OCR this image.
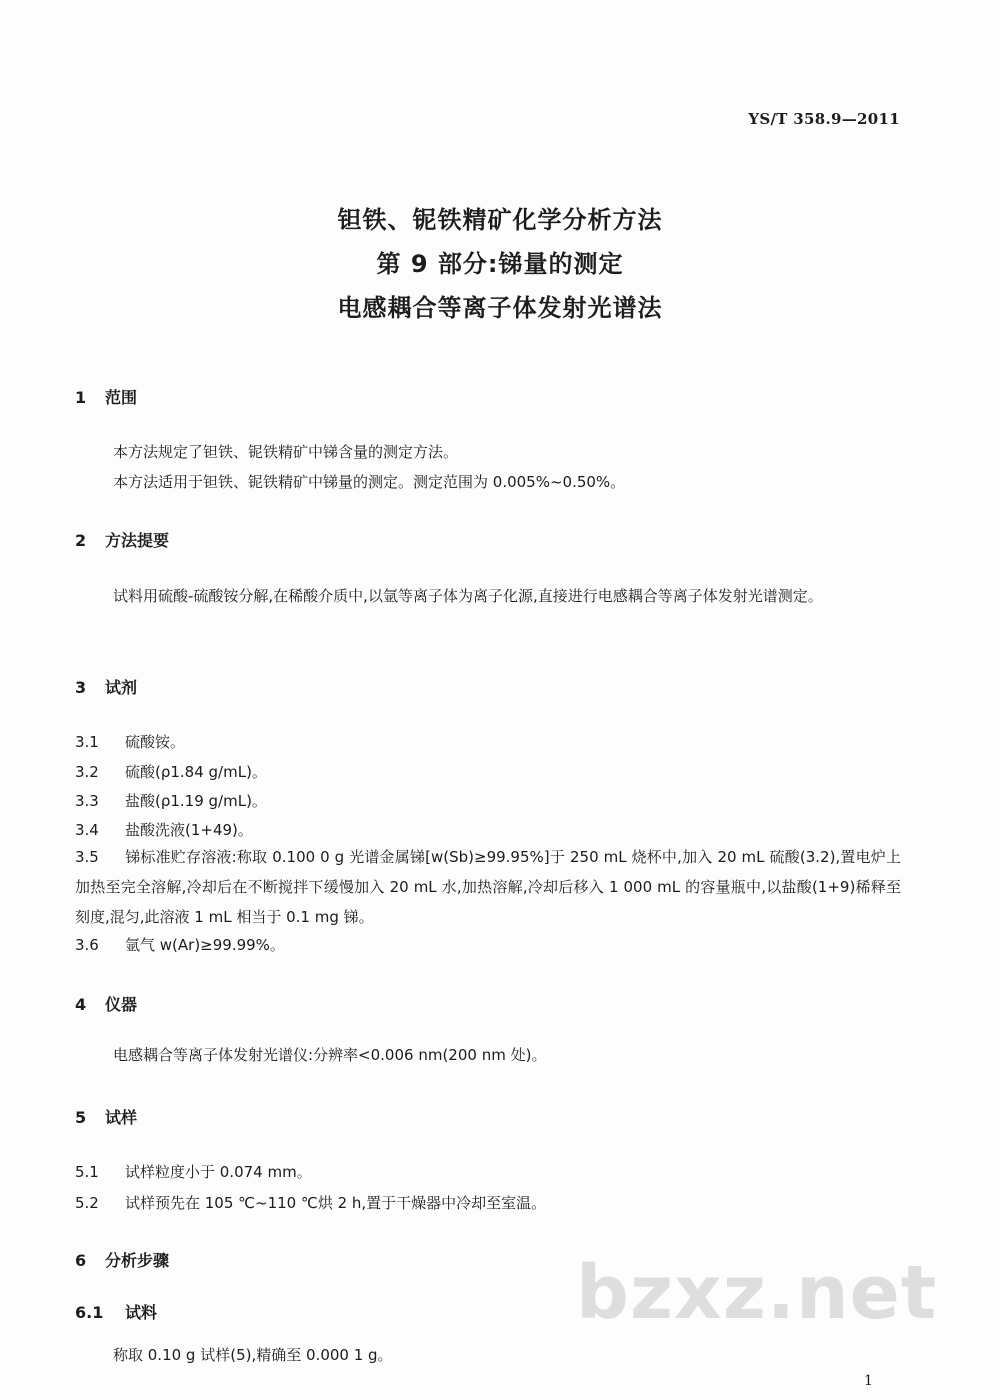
YS/T 358.9—2011
钽铁、铌铁精矿化学分析方法
第 9 部分:锑量的测定
电感耦合等离子体发射光谱法
1 范围
本方法规定了钽铁、铌铁精矿中锑含量的测定方法。
本方法适用于钽铁、铌铁精矿中锑量的测定。测定范围为 0.005%~0.50%。
2 方法提要
试料用硫酸-硫酸铵分解,在稀酸介质中,以氩等离子体为离子化源,直接进行电感耦合等离子体发射光谱测定。
3 试剂
3.1 硫酸铵。
3.2 硫酸(ρ1.84 g/mL)。
3.3 盐酸(ρ1.19 g/mL)。
3.4 盐酸洗液(1+49)。
3.5 锑标准贮存溶液:称取 0.100 0 g 光谱金属锑[w(Sb)≥99.95%]于 250 mL 烧杯中,加入 20 mL 硫酸(3.2),置电炉上加热至完全溶解,冷却后在不断搅拌下缓慢加入 20 mL 水,加热溶解,冷却后移入 1 000 mL 的容量瓶中,以盐酸(1+9)稀释至刻度,混匀,此溶液 1 mL 相当于 0.1 mg 锑。
3.6 氩气 w(Ar)≥99.99%。
4 仪器
电感耦合等离子体发射光谱仪:分辨率<0.006 nm(200 nm 处)。
5 试样
5.1 试样粒度小于 0.074 mm。
5.2 试样预先在 105 ℃~110 ℃烘 2 h,置于干燥器中冷却至室温。
6 分析步骤
6.1 试料
称取 0.10 g 试样(5),精确至 0.000 1 g。
bzxz.net
1
